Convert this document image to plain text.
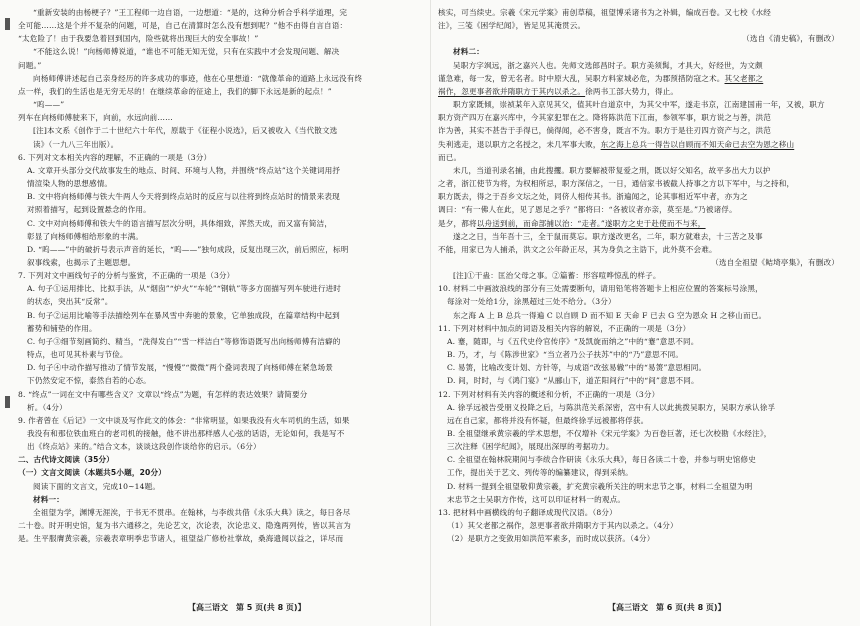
“重新安装的由杨梗子？”王工程师一边自语，一边想道：“是的，这种分析合乎科学道理，完
全可能……这是个并不复杂的问题，可是，自己在清算时怎么没有想到呢？”他不由得自言自语：
“太危险了！由于我要急着回到国内，险些就将出现巨大的安全事故！”
“不能这么说！”向杨师傅说道，“谁也不可能无知无觉，只有在实践中才会发现问题、解决
问题。”
向杨师傅讲述起自己亲身经历的许多成功的事迹，他在心里想道：“就像革命的道路上永远没有终
点一样，我们的生活也是无穷无尽的！在继续革命的征途上，我们的脚下永远是新的起点！”
“呜——”
列车在向杨师傅驶来下，向前，水远向前……
[注]本文系《创作于二十世纪六十年代，原载于《征程小说选》，后又被收入《当代散文选
读》（一九八三年出版）。
6. 下列对文本相关内容的理解，不正确的一项是（3分）
A. 文章开头部分交代故事发生的地点、时间、环境与人物，并围绕“终点站”这个关键词用抒
情渲染人物的思想感情。
B. 文中将向杨师傅与铁大牛两人今天将到终点站时的反应与以往将到终点站时的情景来表现
对照着描写，起到设置悬念的作用。
C. 文中对向杨师傅和铁大牛的语言描写层次分明，具体细致，浑然天成，而又富有简洁，
彰显了向杨师傅相给形象的丰满。
D. “呜——”中的破折号表示声音的延长，“呜——”独句成段，反复出现三次，前后照应，标明
叙事线索，也揭示了主题思想。
7. 下列对文中画线句子的分析与鉴赏，不正确的一项是（3分）
A. 句子①运用排比、比拟手法，从“烟囱”“炉火”“车轮”“钢轨”等多方面描写列车驶进行进时
的状态，突出其“反常”。
B. 句子②运用比喻等手法描绘列车在暴风雪中奔驰的景象，它单独成段，在篇章结构中起到
蓄势和铺垫的作用。
C. 句子③细节刻画简约、精当，“洗得发白”“雪一样洁白”等修饰语既写出向杨师傅有洁癖的
特点，也可见其朴素与节俭。
D. 句子④中动作描写推动了情节发展，“慢慢”“微微”两个叠词表现了向杨师傅在紧急场景
下仍然安定不惊，泰然自若的心态。
8. “终点”一词在文中有哪些含义？文章以“终点”为题，有怎样的表达效果？请简要分
析。（4分）
9. 作者曾在《后记》一文中谈及写作此文的体会：“非常明显，如果我没有火车司机的生活，如果
我没有和那位铁血班白的老司机的接触，他不讲出那样感人心弦的话语，无论如何，我是写不
出《终点站》来的。”结合文本，谈谈这段创作谈给你的启示。（6分）
二、古代诗文阅读（35分）
（一）文言文阅读（本题共5小题，20分）
阅读下面的文言文，完成10~14题。
材料一：
全祖望为学，渊博无涯涘，于书无不贯串。在翰林，与李绂共借《永乐大典》读之，每日各尽
二十卷。时开明史馆，复为书六通移之，先论艺文，次论表，次论忠义、隐逸两列传，皆以其言为
是。生平服膺黄宗羲，宗羲表章明季忠节诸人，祖望益广修枌社掌故，桑海遗闻以益之，详尽而
核实，可当续史。宗羲《宋元学案》甫创草稿，祖望博采诸书为之补辑，编成百卷。又七校《水经
注》，三笺《困学纪闻》，皆足见其淹贯云。
（选自《清史稿》，有删改）
材料二：
吴职方字飒远，浙之嘉兴人也。先师文选郎昌时子。职方美须髯，才具大，好经世，为文颇
谨急难，每一发，曾无名者。时中原大乱，吴职方料家城必危，为郡预措防寇之术。其父老都之
祸作，忽更事者欲并隋职方于其内以杀之。徐两书工部大势力，得止。
职方家既倾，崇祯某年入京见其父，值其叶自道京中，为其父中军，遂走书京，江南建国甫一年，又被，职方
职方资产四万在嘉兴库中，今其家犯罪在之。降将陈洪范下江南，参领军事，职方说之与善，洪范
诈为善，其实不甚告于手得已，倘得闻，必不害身，既言不为。职方于是往刃四方资产与之，洪范
失利逃走，退以职方之名授之，未几军事大败，东之海上总兵一得告以自顾而不知天命已去空为恩之移山
而已。
未几，当道刊录名捕，由此搜攫。职方要解被带复爱之刑，既以好父知名，故平多出大力以护
之者，浙江使节为将，为权相所忌，职方深信之，一日，通信家书被截人持事之方以下军中，与之持和，
职方既去，得之于吾乡文坛之处，同侪人相传其书。浙遍闻之，论其事相近军中者，亦为之
调曰：“有一佛人在此，见了恩足之乎？”都将曰：“各被议者亦亲，莫至是。”乃被诸俘。
是夕，都将以舟送到前，而命部捕以治：“走者。”遂职方之史于赴使而不与来，
遂之之日，当年吾十三，全于鼠而莫忘。职方遂改更名，二年，职方就难去，十三苦之及事
不能，用家已为人捕杀，洪文之公年龄正尽，其为身负之主诰下，此外莫不会难。
（选自全祖望《鲒埼亭集》，有删改）
[注]①干蛊：匡治父母之事。②篇蓄：形容喧哗惊乱的样子。
10. 材料二中画波浪线的部分有三处需要断句，请用铅笔将答题卡上相应位置的答案标号涂黑，
每涂对一处给1分，涂黑超过三处不给分。（3分）
东之海 A 上 B 总兵一得遍 C 以自顾 D 而不知 E 天命 F 已去 G 空为恩众 H 之移山而已。
11. 下列对材料中加点的词语及相关内容的解说，不正确的一项是（3分）
A. 蹇，随即，与《五代史伶官传序》“及凯旋而纳之”中的“蹇”意思不同。
B. 乃，才，与《陈涉世家》“当立者乃公子扶苏”中的“乃”意思不同。
C. 易箦，比喻改变计划、方针等，与成语“改弦易辙”中的“易箦”意思相同。
D. 间，时时，与《鸿门宴》“从郦山下，道芷阳间行”中的“间”意思不同。
12. 下列对材料有关内容的概述和分析，不正确的一项是（3分）
A. 徐孚远被告受朋义投降之后，与陈洪范关系深密，宫中有人以此挑拨吴职方，吴职方承认徐孚
远在自己家，都将并没有怀疑，但最终徐孚远被都将俘获。
B. 全祖望继承黄宗羲的学术思想，不仅增补《宋元学案》为百卷巨著，还七次校勘《水经注》，
三次注释《困学纪闻》，展现出深厚的考据功力。
C. 全祖望在翰林院期间与李绂合作研读《永乐大典》，每日各读二十卷，并参与明史馆修史
工作，提出关于艺文、列传等的编纂建议，得到采纳。
D. 材料一提到全祖望敬仰黄宗羲，扩充黄宗羲所关注的明末忠节之事，材料二全祖望为明
末忠节之士吴职方作传，这可以印证材料一的观点。
13. 把材料中画横线的句子翻译成现代汉语。（8分）
（1）其父老都之祸作，忽更事者欲并隋职方于其内以杀之。（4分）
（2）是职方之变敛用如洪范军素多，而时成以获济。（4分）
【高三语文　第 5 页(共 8 页)】	【高三语文　第 6 页(共 8 页)】
